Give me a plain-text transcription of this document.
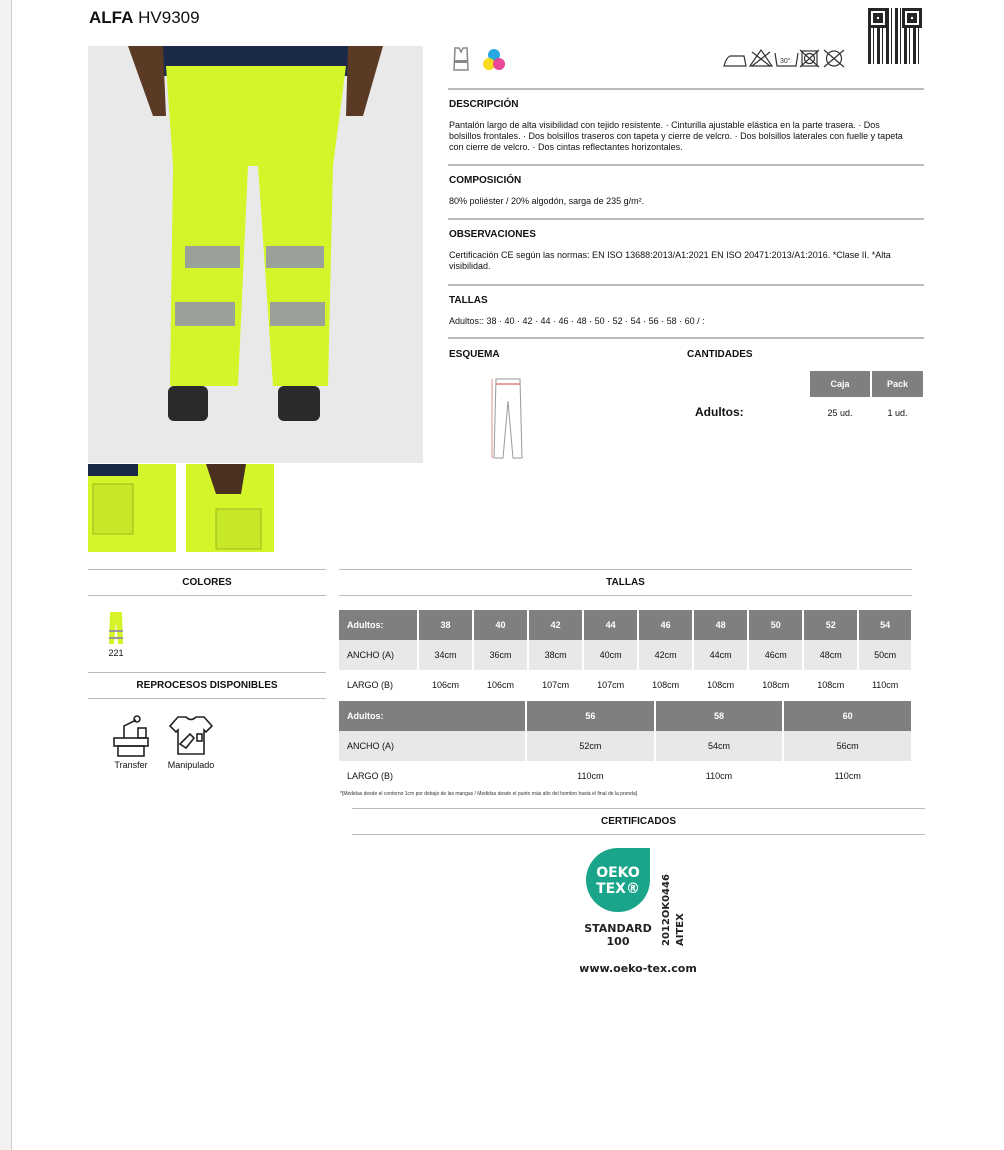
ALFA HV9309
30°
DESCRIPCIÓN

Pantalón largo de alta visibilidad con tejido resistente. · Cinturilla ajustable elástica en la parte trasera. · Dos bolsillos frontales. · Dos bolsillos traseros con tapeta y cierre de velcro. · Dos bolsillos laterales con fuelle y tapeta con cierre de velcro. · Dos cintas reflectantes horizontales.

COMPOSICIÓN

80% poliéster / 20% algodón, sarga de 235 g/m².

OBSERVACIONES

Certificación CE según las normas: EN ISO 13688:2013/A1:2021 EN ISO 20471:2013/A1:2016. *Clase II. *Alta visibilidad.

TALLAS

Adultos:: 38 · 40 · 42 · 44 · 46 · 48 · 50 · 52 · 54 · 56 · 58 · 60 / :

ESQUEMA	CANTIDADES
Caja	Pack
Adultos:	25 ud.	1 ud.
COLORES
221
REPROCESOS DISPONIBLES
Transfer	Manipulado
TALLAS
Adultos:	38	40	42	44	46	48	50	52	54
ANCHO (A)	34cm	36cm	38cm	40cm	42cm	44cm	46cm	48cm	50cm
LARGO (B)	106cm	106cm	107cm	107cm	108cm	108cm	108cm	108cm	110cm
Adultos:	56	58	60
ANCHO (A)	52cm	54cm	56cm
LARGO (B)	110cm	110cm	110cm
*[Medidas desde el contorno 1cm por debajo de las mangas / Medidas desde el punto más alto del hombro hasta el final de la prenda]
CERTIFICADOS
OEKO
TEX®
STANDARD
100	2012OK0446 AITEX
www.oeko-tex.com
